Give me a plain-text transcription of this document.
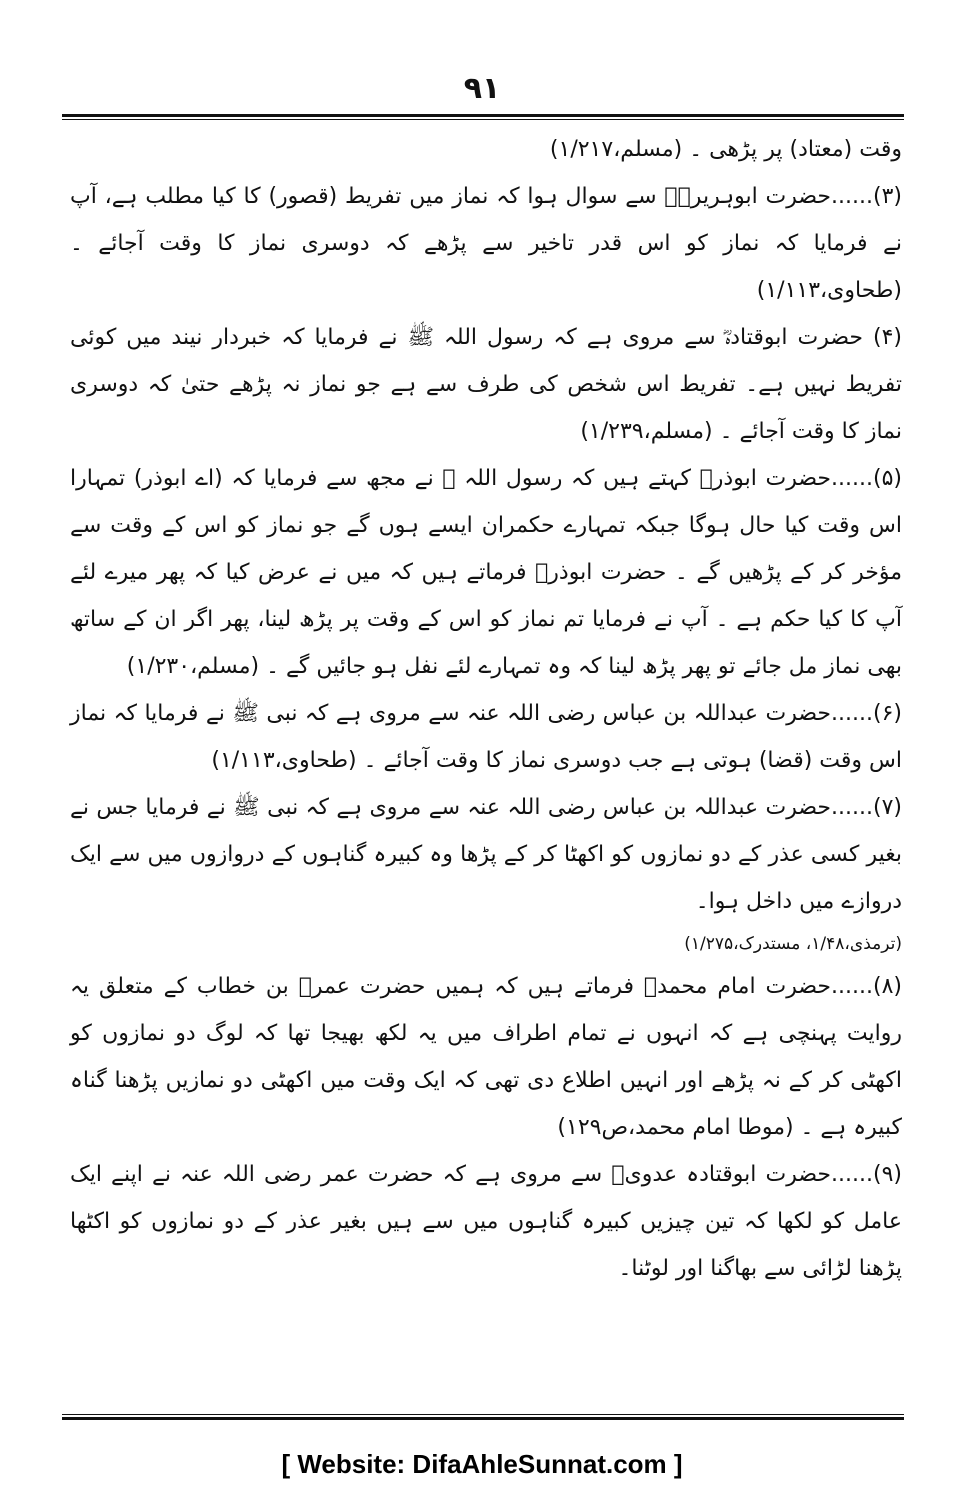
۹۱

وقت (معتاد) پر پڑھی ۔ (مسلم،۱/۲۱۷)

(۳)......حضرت ابوہریرہؓ سے سوال ہوا کہ نماز میں تفریط (قصور) کا کیا مطلب ہے، آپ نے فرمایا کہ نماز کو اس قدر تاخیر سے پڑھے کہ دوسری نماز کا وقت آجائے ۔ (طحاوی،۱/۱۱۳)

(۴) حضرت ابوقتادہؓ سے مروی ہے کہ رسول اللہ ﷺ نے فرمایا کہ خبردار نیند میں کوئی تفریط نہیں ہے۔ تفریط اس شخص کی طرف سے ہے جو نماز نہ پڑھے حتیٰ کہ دوسری نماز کا وقت آجائے ۔ (مسلم،۱/۲۳۹)

(۵)......حضرت ابوذرؓ کہتے ہیں کہ رسول اللہ ﷺ نے مجھ سے فرمایا کہ (اے ابوذر) تمہارا اس وقت کیا حال ہوگا جبکہ تمہارے حکمران ایسے ہوں گے جو نماز کو اس کے وقت سے مؤخر کر کے پڑھیں گے ۔ حضرت ابوذرؓ فرماتے ہیں کہ میں نے عرض کیا کہ پھر میرے لئے آپ کا کیا حکم ہے ۔ آپ نے فرمایا تم نماز کو اس کے وقت پر پڑھ لینا، پھر اگر ان کے ساتھ بھی نماز مل جائے تو پھر پڑھ لینا کہ وہ تمہارے لئے نفل ہو جائیں گے ۔ (مسلم،۱/۲۳۰)

(۶)......حضرت عبداللہ بن عباس رضی اللہ عنہ سے مروی ہے کہ نبی ﷺ نے فرمایا کہ نماز اس وقت (قضا) ہوتی ہے جب دوسری نماز کا وقت آجائے ۔ (طحاوی،۱/۱۱۳)

(۷)......حضرت عبداللہ بن عباس رضی اللہ عنہ سے مروی ہے کہ نبی ﷺ نے فرمایا جس نے بغیر کسی عذر کے دو نمازوں کو اکھٹا کر کے پڑھا وہ کبیرہ گناہوں کے دروازوں میں سے ایک دروازے میں داخل ہوا۔

(ترمذی،۱/۴۸، مستدرک،۱/۲۷۵)

(۸)......حضرت امام محمدؒ فرماتے ہیں کہ ہمیں حضرت عمرؓ بن خطاب کے متعلق یہ روایت پہنچی ہے کہ انہوں نے تمام اطراف میں یہ لکھ بھیجا تھا کہ لوگ دو نمازوں کو اکھٹی کر کے نہ پڑھے اور انہیں اطلاع دی تھی کہ ایک وقت میں اکھٹی دو نمازیں پڑھنا گناہ کبیرہ ہے ۔ (موطا امام محمد،ص۱۲۹)

(۹)......حضرت ابوقتادہ عدویؓ سے مروی ہے کہ حضرت عمر رضی اللہ عنہ نے اپنے ایک عامل کو لکھا کہ تین چیزیں کبیرہ گناہوں میں سے ہیں بغیر عذر کے دو نمازوں کو اکٹھا پڑھنا لڑائی سے بھاگنا اور لوٹنا۔

[ Website: DifaAhleSunnat.com ]
